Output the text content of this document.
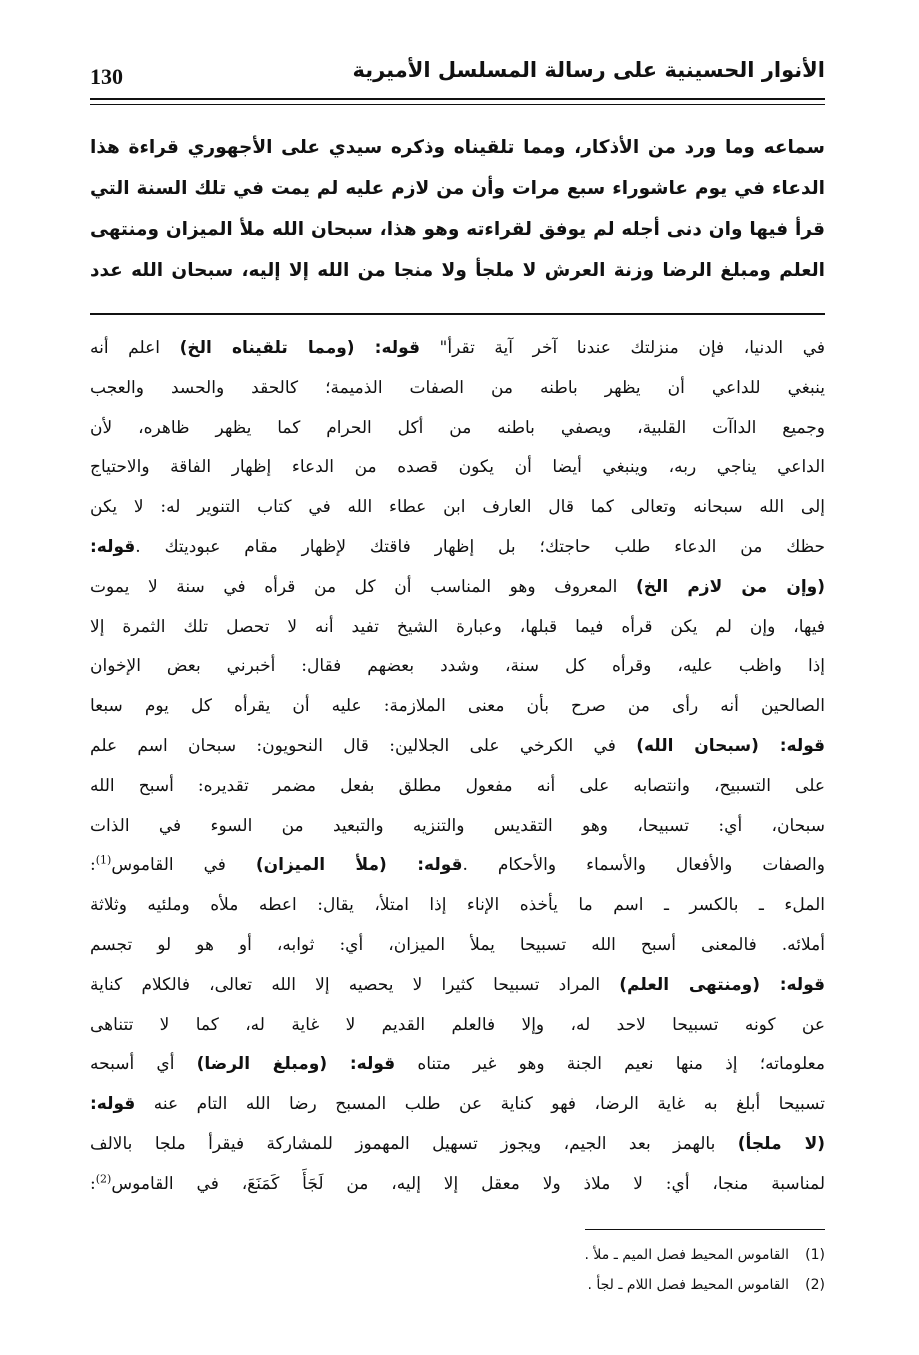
130	الأنوار الحسينية على رسالة المسلسل الأميرية
سماعه وما ورد من الأذكار، ومما تلقيناه وذكره سيدي على الأجهوري قراءة هذا
الدعاء في يوم عاشوراء سبع مرات وأن من لازم عليه لم يمت في تلك السنة التي
قرأ فيها وان دنى أجله لم يوفق لقراءته وهو هذا، سبحان الله ملأ الميزان ومنتهى
العلم ومبلغ الرضا وزنة العرش لا ملجأ ولا منجا من الله إلا إليه، سبحان الله عدد
في الدنيا، فإن منزلتك عندنا آخر آية تقرأ" قوله: (ومما تلقيناه الخ) اعلم أنه
ينبغي للداعي أن يظهر باطنه من الصفات الذميمة؛ كالحقد والحسد والعجب
وجميع الداآت القلبية، ويصفي باطنه من أكل الحرام كما يظهر ظاهره، لأن
الداعي يناجي ربه، وينبغي أيضا أن يكون قصده من الدعاء إظهار الفاقة والاحتياج
إلى الله سبحانه وتعالى كما قال العارف ابن عطاء الله في كتاب التنوير له: لا يكن
حظك من الدعاء طلب حاجتك؛ بل إظهار فاقتك لإظهار مقام عبوديتك .قوله:
(وإن من لازم الخ) المعروف وهو المناسب أن كل من قرأه في سنة لا يموت
فيها، وإن لم يكن قرأه فيما قبلها، وعبارة الشيخ تفيد أنه لا تحصل تلك الثمرة إلا
إذا واظب عليه، وقرأه كل سنة، وشدد بعضهم فقال: أخبرني بعض الإخوان
الصالحين أنه رأى من صرح بأن معنى الملازمة: عليه أن يقرأه كل يوم سبعا
قوله: (سبحان الله) في الكرخي على الجلالين: قال النحويون: سبحان اسم علم
على التسبيح، وانتصابه على أنه مفعول مطلق بفعل مضمر تقديره: أسبح الله
سبحان، أي: تسبيحا، وهو التقديس والتنزيه والتبعيد من السوء في الذات
والصفات والأفعال والأسماء والأحكام .قوله: (ملأ الميزان) في القاموس$^{(1)}$:
الملء ـ بالكسر ـ اسم ما يأخذه الإناء إذا امتلأ، يقال: اعطه ملأه وملئيه وثلاثة
أملائه. فالمعنى أسبح الله تسبيحا يملأ الميزان، أي: ثوابه، أو هو لو تجسم
قوله: (ومنتهى العلم) المراد تسبيحا كثيرا لا يحصيه إلا الله تعالى، فالكلام كناية
عن كونه تسبيحا لاحد له، وإلا فالعلم القديم لا غاية له، كما لا تتناهى
معلوماته؛ إذ منها نعيم الجنة وهو غير متناه قوله: (ومبلغ الرضا) أي أسبحه
تسبيحا أبلغ به غاية الرضا، فهو كناية عن طلب المسبح رضا الله التام عنه قوله:
(لا ملجأ) بالهمز بعد الجيم، ويجوز تسهيل المهموز للمشاركة فيقرأ ملجا بالالف
لمناسبة منجا، أي: لا ملاذ ولا معقل إلا إليه، من لَجَأَ كَمَنَعَ، في القاموس$^{(2)}$:
(1)القاموس المحيط فصل الميم ـ ملأ .
(2)القاموس المحيط فصل اللام ـ لجأ .
